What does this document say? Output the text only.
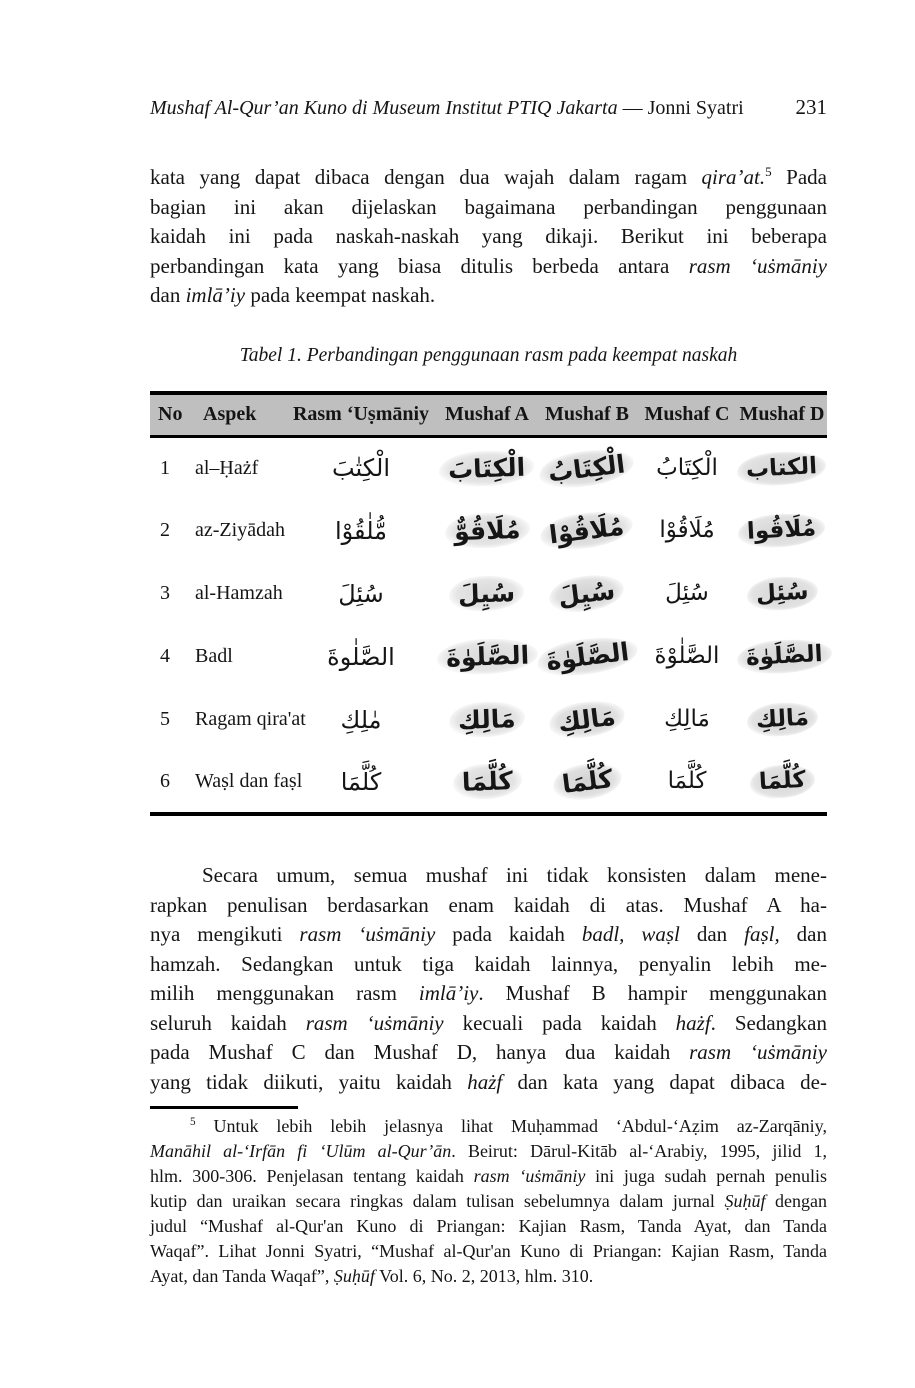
Mushaf Al-Qur’an Kuno di Museum Institut PTIQ Jakarta — Jonni Syatri	231
kata yang dapat dibaca dengan dua wajah dalam ragam qira’at.$^5$ Pada
bagian ini akan dijelaskan bagaimana perbandingan penggunaan
kaidah ini pada naskah-naskah yang dikaji. Berikut ini beberapa
perbandingan kata yang biasa ditulis berbeda antara rasm ‘uṡmāniy
dan imlā’iy pada keempat naskah.
Tabel 1. Perbandingan penggunaan rasm pada keempat naskah
No	Aspek	Rasm ‘Uṣmāniy	Mushaf A	Mushaf B	Mushaf C	Mushaf D
1	al–Ḥażf	الْكِتٰبَ	الْكِتَابَ	الْكِتَابُ	الْكِتَابُ	الكتاب
2	az-Ziyādah	مُّلٰقُوْا	مُلَاقُوٌّ	مُلَاقُوْا	مُلَاقُوْا	مُلَاقُوا
3	al-Hamzah	سُئِلَ	سُيِلَ	سُيِلَ	سُئِلَ	سُئِل
4	Badl	الصَّلٰوةَ	الصَّلَوٰةَ	الصَّلَوٰةَ	الصَّلٰوْةَ	الصَّلَوٰةَ
5	Ragam qira'at	مٰلِكِ	مَالِكِ	مَالِكِ	مَالِكِ	مَالِكِ
6	Waṣl dan faṣl	كُلَّمَا	كُلَّمَا	كُلَّمَا	كُلَّمَا	كُلَّمَا
Secara umum, semua mushaf ini tidak konsisten dalam mene-
rapkan penulisan berdasarkan enam kaidah di atas. Mushaf A ha-
nya mengikuti rasm ‘uṡmāniy pada kaidah badl, waṣl dan faṣl, dan
hamzah. Sedangkan untuk tiga kaidah lainnya, penyalin lebih me-
milih menggunakan rasm imlā’iy. Mushaf B hampir menggunakan
seluruh kaidah rasm ‘uṡmāniy kecuali pada kaidah hażf. Sedangkan
pada Mushaf C dan Mushaf D, hanya dua kaidah rasm ‘uṡmāniy
yang tidak diikuti, yaitu kaidah hażf dan kata yang dapat dibaca de-
$^5$ Untuk lebih lebih jelasnya lihat Muḥammad ‘Abdul-‘Aẓim az-Zarqāniy,
Manāhil al-‘Irfān fi ‘Ulūm al-Qur’ān. Beirut: Dārul-Kitāb al-‘Arabiy, 1995, jilid 1,
hlm. 300-306. Penjelasan tentang kaidah rasm ‘uṡmāniy ini juga sudah pernah penulis
kutip dan uraikan secara ringkas dalam tulisan sebelumnya dalam jurnal Ṣuḥūf dengan
judul “Mushaf al-Qur'an Kuno di Priangan: Kajian Rasm, Tanda Ayat, dan Tanda
Waqaf”. Lihat Jonni Syatri, “Mushaf al-Qur'an Kuno di Priangan: Kajian Rasm, Tanda
Ayat, dan Tanda Waqaf”, Ṣuḥūf Vol. 6, No. 2, 2013, hlm. 310.
